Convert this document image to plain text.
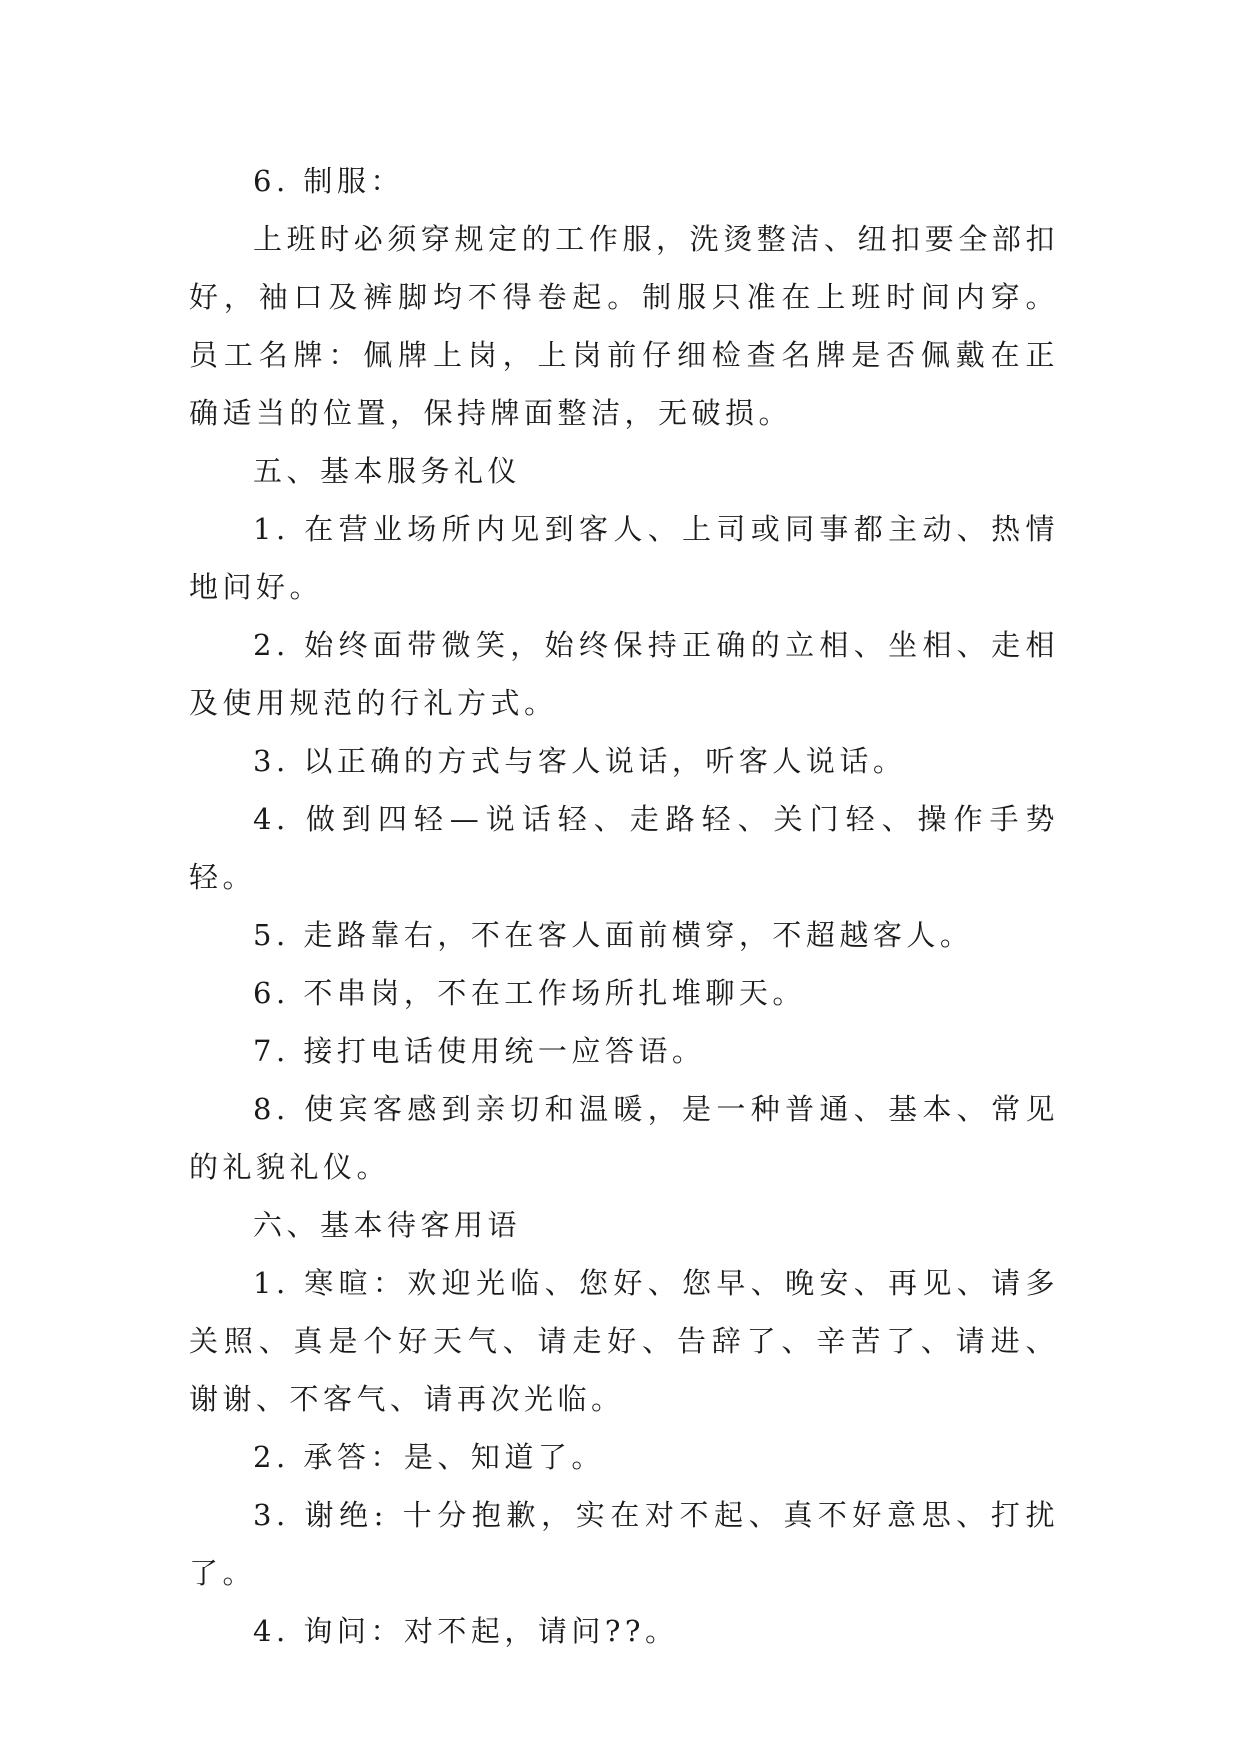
6. 制服：

上班时必须穿规定的工作服，洗烫整洁、纽扣要全部扣好，袖口及裤脚均不得卷起。制服只准在上班时间内穿。员工名牌：佩牌上岗，上岗前仔细检查名牌是否佩戴在正确适当的位置，保持牌面整洁，无破损。

五、基本服务礼仪

1. 在营业场所内见到客人、上司或同事都主动、热情地问好。

2. 始终面带微笑，始终保持正确的立相、坐相、走相及使用规范的行礼方式。

3. 以正确的方式与客人说话，听客人说话。

4. 做到四轻—说话轻、走路轻、关门轻、操作手势轻。

5. 走路靠右，不在客人面前横穿，不超越客人。

6. 不串岗，不在工作场所扎堆聊天。

7. 接打电话使用统一应答语。

8. 使宾客感到亲切和温暖，是一种普通、基本、常见的礼貌礼仪。

六、基本待客用语

1. 寒暄：欢迎光临、您好、您早、晚安、再见、请多关照、真是个好天气、请走好、告辞了、辛苦了、请进、谢谢、不客气、请再次光临。

2. 承答：是、知道了。

3. 谢绝: 十分抱歉，实在对不起、真不好意思、打扰了。

4. 询问：对不起，请问??。
